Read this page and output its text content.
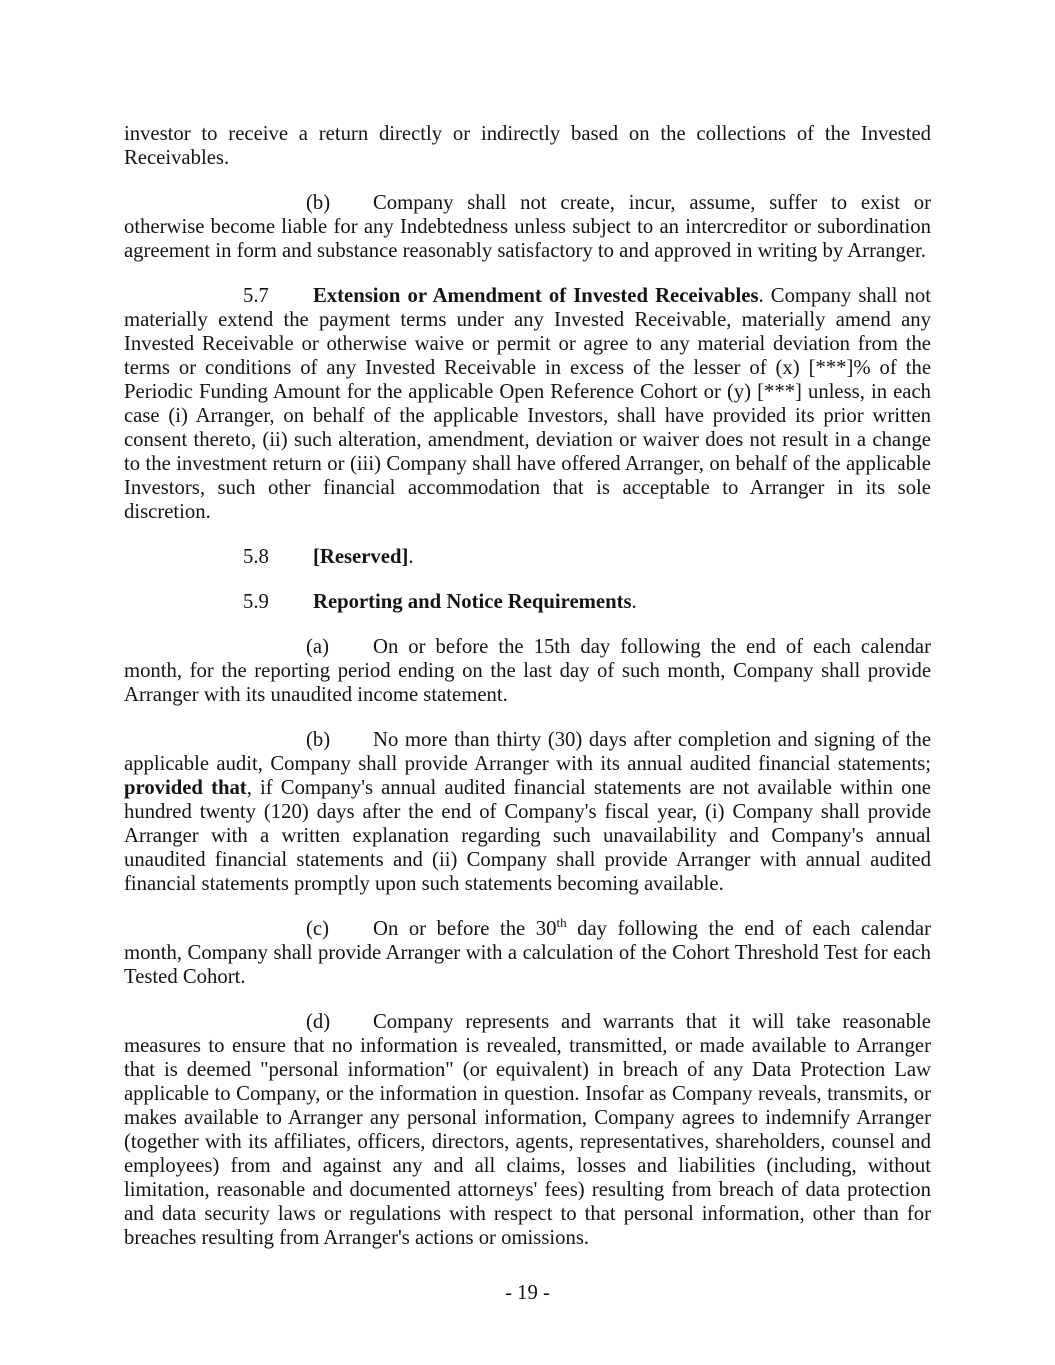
investor to receive a return directly or indirectly based on the collections of the Invested Receivables.

(b) Company shall not create, incur, assume, suffer to exist or otherwise become liable for any Indebtedness unless subject to an intercreditor or subordination agreement in form and substance reasonably satisfactory to and approved in writing by Arranger.

5.7 Extension or Amendment of Invested Receivables. Company shall not materially extend the payment terms under any Invested Receivable, materially amend any Invested Receivable or otherwise waive or permit or agree to any material deviation from the terms or conditions of any Invested Receivable in excess of the lesser of (x) [***]% of the Periodic Funding Amount for the applicable Open Reference Cohort or (y) [***] unless, in each case (i) Arranger, on behalf of the applicable Investors, shall have provided its prior written consent thereto, (ii) such alteration, amendment, deviation or waiver does not result in a change to the investment return or (iii) Company shall have offered Arranger, on behalf of the applicable Investors, such other financial accommodation that is acceptable to Arranger in its sole discretion.

5.8 [Reserved].

5.9 Reporting and Notice Requirements.

(a) On or before the 15th day following the end of each calendar month, for the reporting period ending on the last day of such month, Company shall provide Arranger with its unaudited income statement.

(b) No more than thirty (30) days after completion and signing of the applicable audit, Company shall provide Arranger with its annual audited financial statements; provided that, if Company's annual audited financial statements are not available within one hundred twenty (120) days after the end of Company's fiscal year, (i) Company shall provide Arranger with a written explanation regarding such unavailability and Company's annual unaudited financial statements and (ii) Company shall provide Arranger with annual audited financial statements promptly upon such statements becoming available.

(c) On or before the 30th day following the end of each calendar month, Company shall provide Arranger with a calculation of the Cohort Threshold Test for each Tested Cohort.

(d) Company represents and warrants that it will take reasonable measures to ensure that no information is revealed, transmitted, or made available to Arranger that is deemed "personal information" (or equivalent) in breach of any Data Protection Law applicable to Company, or the information in question. Insofar as Company reveals, transmits, or makes available to Arranger any personal information, Company agrees to indemnify Arranger (together with its affiliates, officers, directors, agents, representatives, shareholders, counsel and employees) from and against any and all claims, losses and liabilities (including, without limitation, reasonable and documented attorneys' fees) resulting from breach of data protection and data security laws or regulations with respect to that personal information, other than for breaches resulting from Arranger's actions or omissions.

- 19 -
